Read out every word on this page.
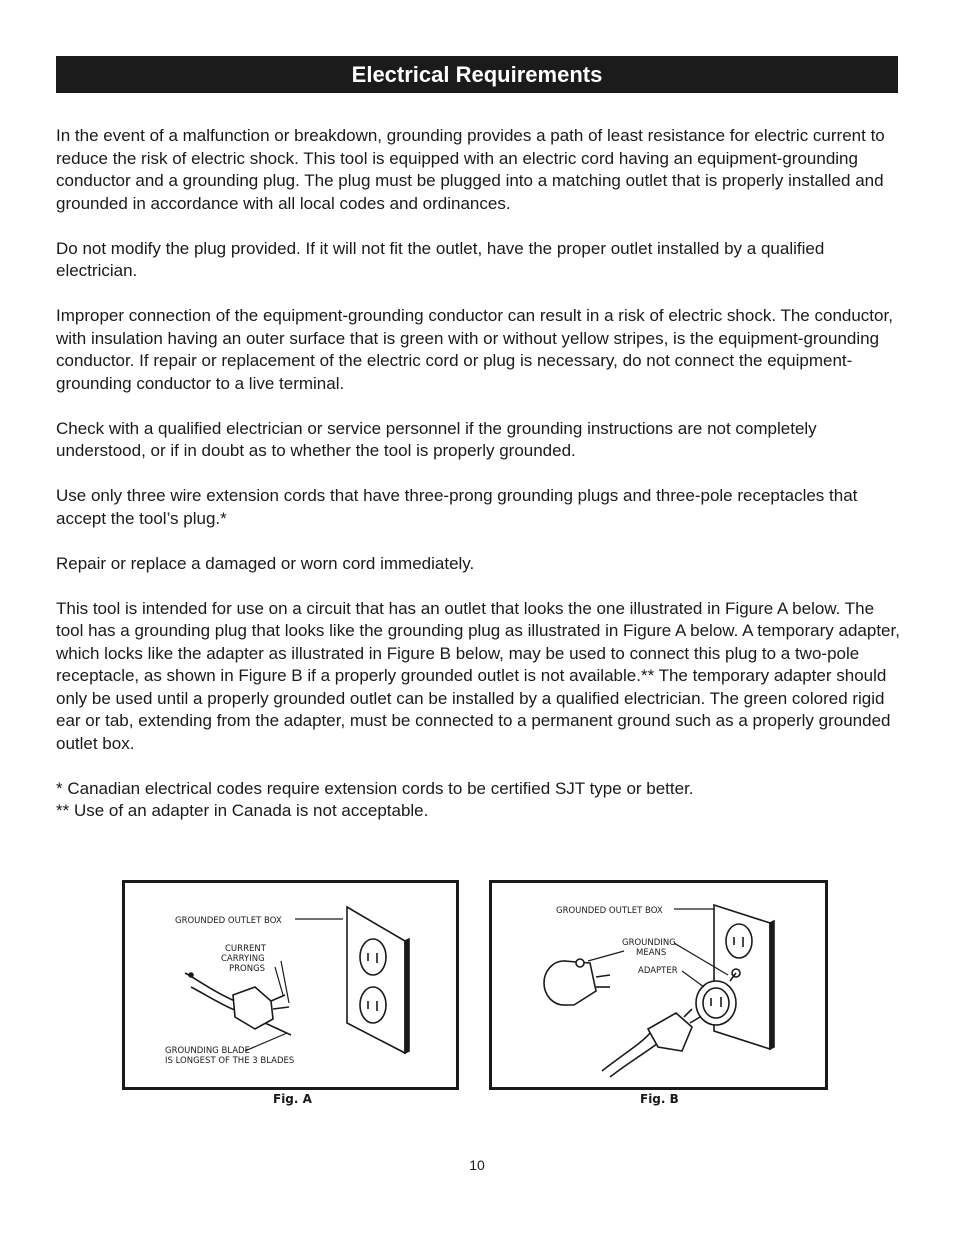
Electrical Requirements

In the event of a malfunction or breakdown, grounding provides a path of least resistance for electric current to reduce the risk of electric shock. This tool is equipped with an electric cord having an equipment-grounding conductor and a grounding plug. The plug must be plugged into a matching outlet that is properly installed and grounded in accordance with all local codes and ordinances.

Do not modify the plug provided. If it will not fit the outlet, have the proper outlet installed by a qualified electrician.

Improper connection of the equipment-grounding conductor can result in a risk of electric shock. The conductor, with insulation having an outer surface that is green with or without yellow stripes, is the equipment-grounding conductor. If repair or replacement of the electric cord or plug is necessary, do not connect the equipment-grounding conductor to a live terminal.

Check with a qualified electrician or service personnel if the grounding instructions are not completely understood, or if in doubt as to whether the tool is properly grounded.

Use only three wire extension cords that have three-prong grounding plugs and three-pole receptacles that accept the tool’s plug.*

Repair or replace a damaged or worn cord immediately.

This tool is intended for use on a circuit that has an outlet that looks the one illustrated in Figure A below. The tool has a grounding plug that looks like the grounding plug as illustrated in Figure A below. A temporary adapter, which locks like the adapter as illustrated in Figure B below, may be used to connect this plug to a two-pole receptacle, as shown in Figure B if a properly grounded outlet is not available.** The temporary adapter should only be used until a properly grounded outlet can be installed by a qualified electrician. The green colored rigid ear or tab, extending from the adapter, must be connected to a permanent ground such as a properly grounded outlet box.

* Canadian electrical codes require extension cords to be certified SJT type or better.

** Use of an adapter in Canada is not acceptable.

GROUNDED OUTLET BOX
CURRENT
CARRYING
PRONGS
GROUNDING BLADE
IS LONGEST OF THE 3 BLADES
Fig. A
GROUNDED OUTLET BOX
GROUNDING
MEANS
ADAPTER
Fig. B
10
